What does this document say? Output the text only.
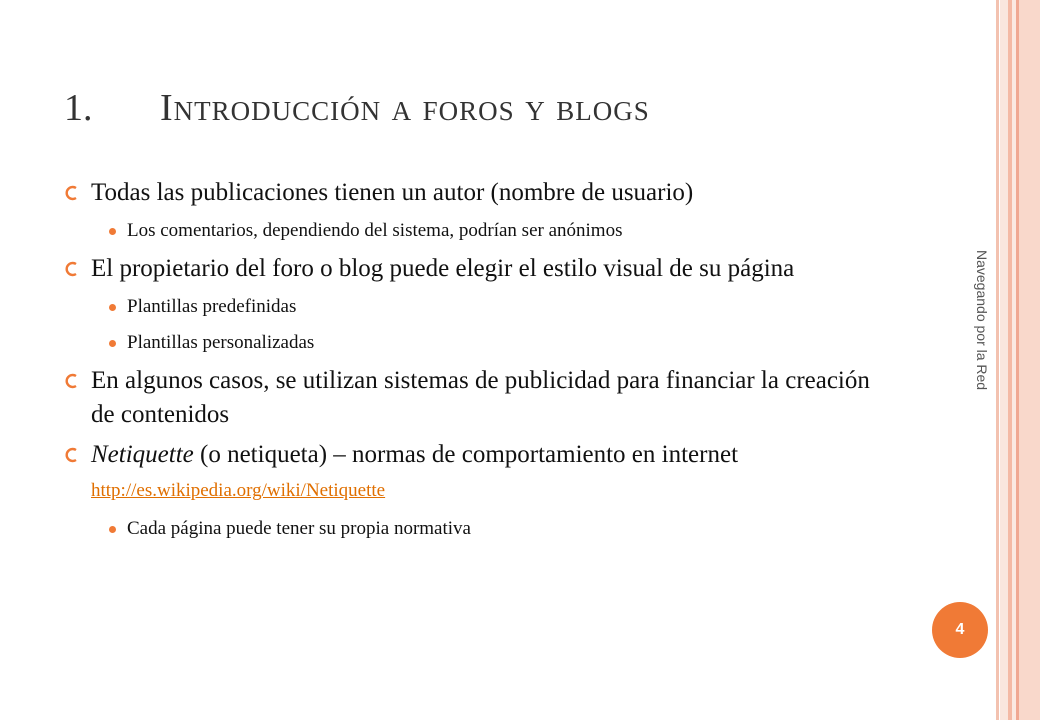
1. Introducción a foros y blogs
Navegando por la Red
4
Todas las publicaciones tienen un autor (nombre de usuario)
Los comentarios, dependiendo del sistema, podrían ser anónimos
El propietario del foro o blog puede elegir el estilo visual de su página
Plantillas predefinidas
Plantillas personalizadas
En algunos casos, se utilizan sistemas de publicidad para financiar la creación de contenidos
Netiquette (o netiqueta) – normas de comportamiento en internet http://es.wikipedia.org/wiki/Netiquette
Cada página puede tener su propia normativa
